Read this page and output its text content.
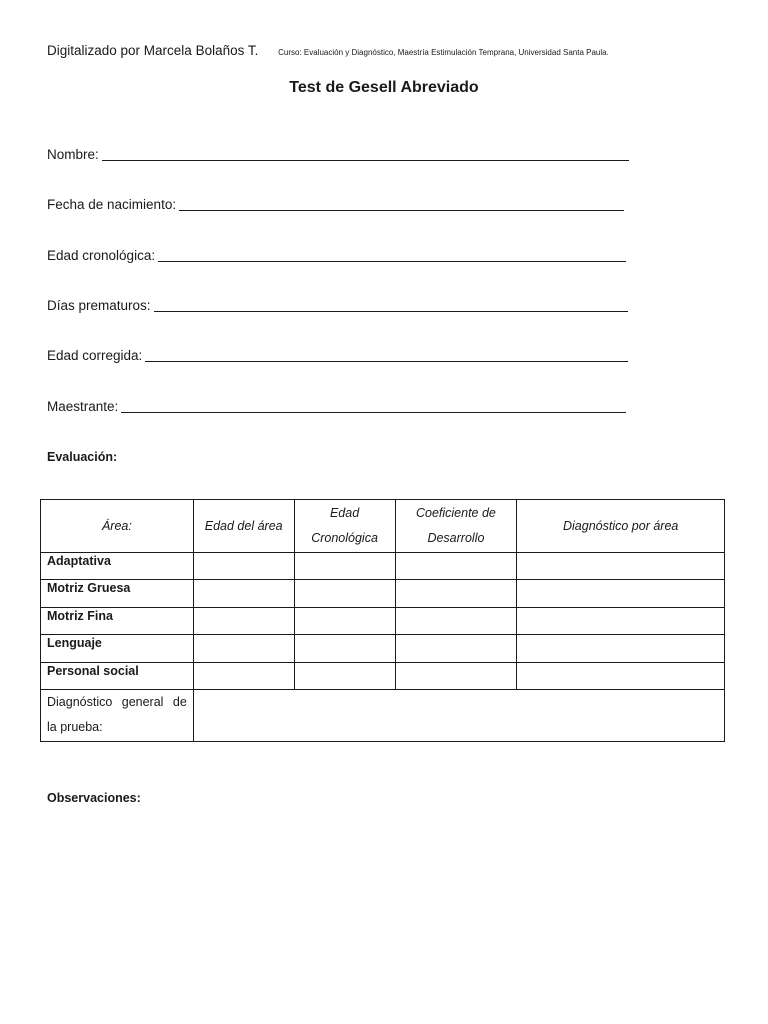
Digitalizado por Marcela Bolaños T. Curso: Evaluación y Diagnóstico, Maestría Estimulación Temprana, Universidad Santa Paula.
Test de Gesell Abreviado
Nombre:
Fecha de nacimiento:
Edad cronológica:
Días prematuros:
Edad corregida:
Maestrante:
Evaluación:
Área:	Edad del área	Edad Cronológica	Coeficiente de Desarrollo	Diagnóstico por área
Adaptativa				
Motriz Gruesa				
Motriz Fina				
Lenguaje				
Personal social				
Diagnóstico general de la prueba:				
Observaciones:
